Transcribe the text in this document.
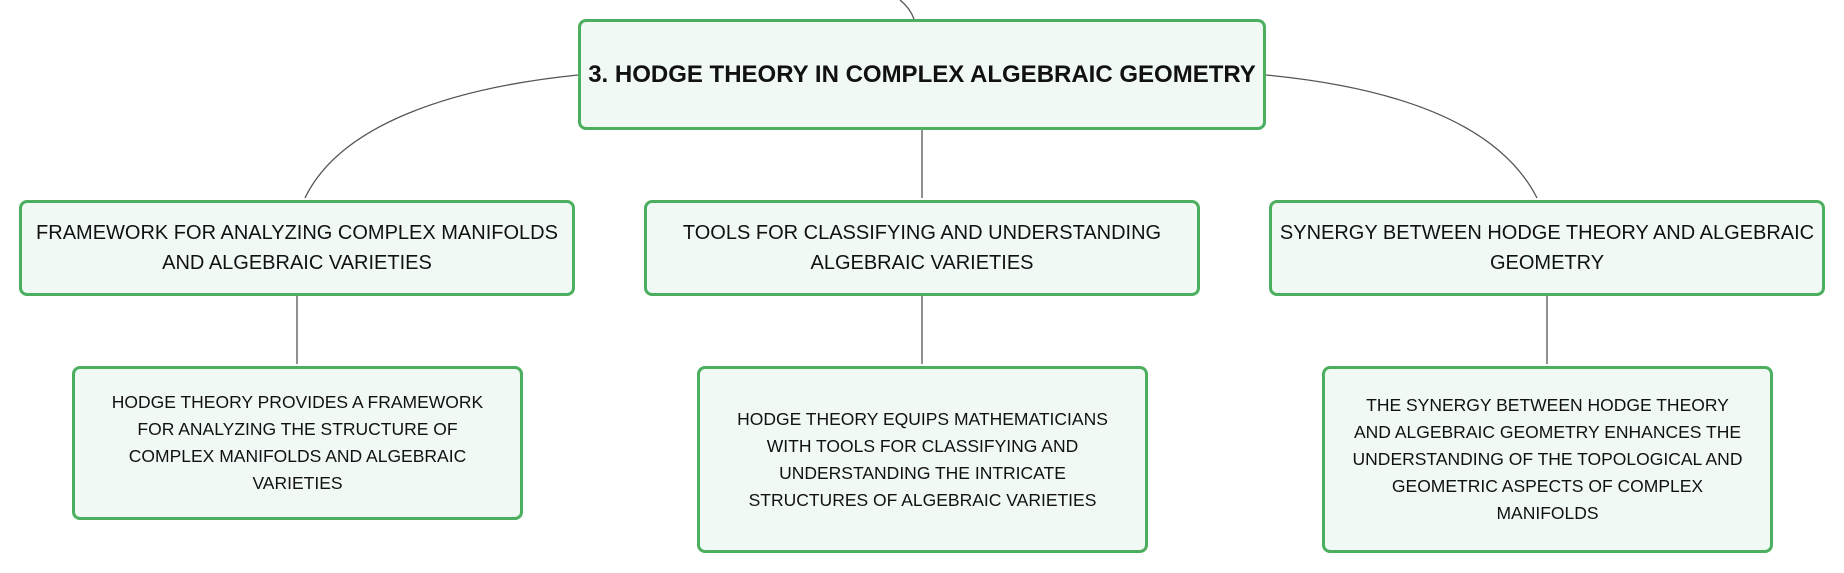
3. HODGE THEORY IN COMPLEX ALGEBRAIC GEOMETRY
FRAMEWORK FOR ANALYZING COMPLEX MANIFOLDS AND ALGEBRAIC VARIETIES
TOOLS FOR CLASSIFYING AND UNDERSTANDING ALGEBRAIC VARIETIES
SYNERGY BETWEEN HODGE THEORY AND ALGEBRAIC GEOMETRY
HODGE THEORY PROVIDES A FRAMEWORK FOR ANALYZING THE STRUCTURE OF COMPLEX MANIFOLDS AND ALGEBRAIC VARIETIES
HODGE THEORY EQUIPS MATHEMATICIANS WITH TOOLS FOR CLASSIFYING AND UNDERSTANDING THE INTRICATE STRUCTURES OF ALGEBRAIC VARIETIES
THE SYNERGY BETWEEN HODGE THEORY AND ALGEBRAIC GEOMETRY ENHANCES THE UNDERSTANDING OF THE TOPOLOGICAL AND GEOMETRIC ASPECTS OF COMPLEX MANIFOLDS
